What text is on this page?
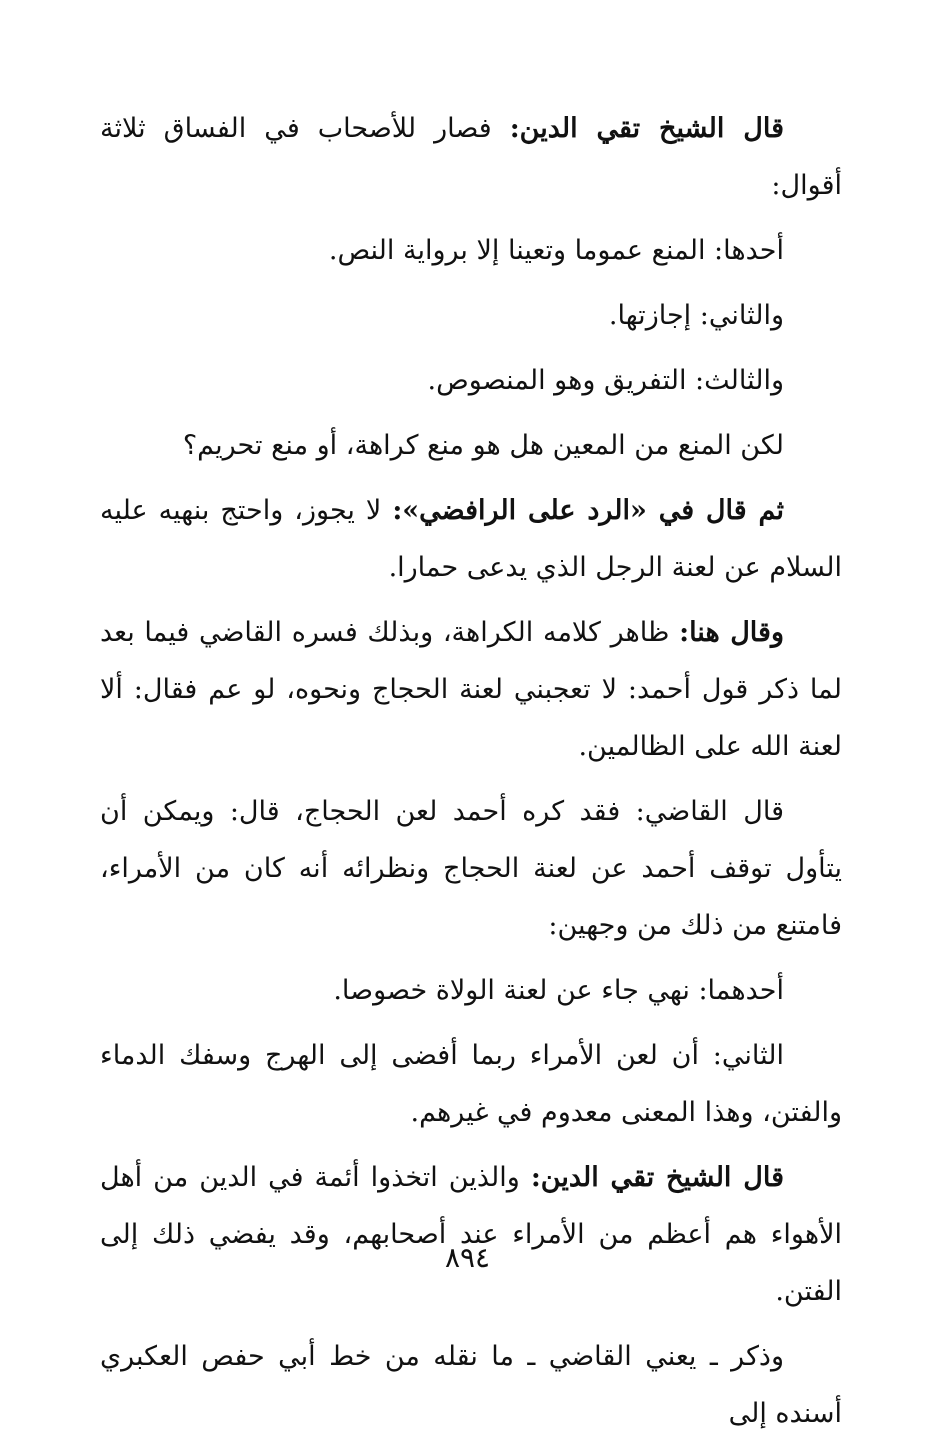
قال الشيخ تقي الدين: فصار للأصحاب في الفساق ثلاثة أقوال:

أحدها: المنع عموما وتعينا إلا برواية النص.

والثاني: إجازتها.

والثالث: التفريق وهو المنصوص.

لكن المنع من المعين هل هو منع كراهة، أو منع تحريم؟

ثم قال في «الرد على الرافضي»: لا يجوز، واحتج بنهيه عليه السلام عن لعنة الرجل الذي يدعى حمارا.

وقال هنا: ظاهر كلامه الكراهة، وبذلك فسره القاضي فيما بعد لما ذكر قول أحمد: لا تعجبني لعنة الحجاج ونحوه، لو عم فقال: ألا لعنة الله على الظالمين.

قال القاضي: فقد كره أحمد لعن الحجاج، قال: ويمكن أن يتأول توقف أحمد عن لعنة الحجاج ونظرائه أنه كان من الأمراء، فامتنع من ذلك من وجهين:

أحدهما: نهي جاء عن لعنة الولاة خصوصا.

الثاني: أن لعن الأمراء ربما أفضى إلى الهرج وسفك الدماء والفتن، وهذا المعنى معدوم في غيرهم.

قال الشيخ تقي الدين: والذين اتخذوا أئمة في الدين من أهل الأهواء هم أعظم من الأمراء عند أصحابهم، وقد يفضي ذلك إلى الفتن.

وذكر ـ يعني القاضي ـ ما نقله من خط أبي حفص العكبري أسنده إلى

٨٩٤
